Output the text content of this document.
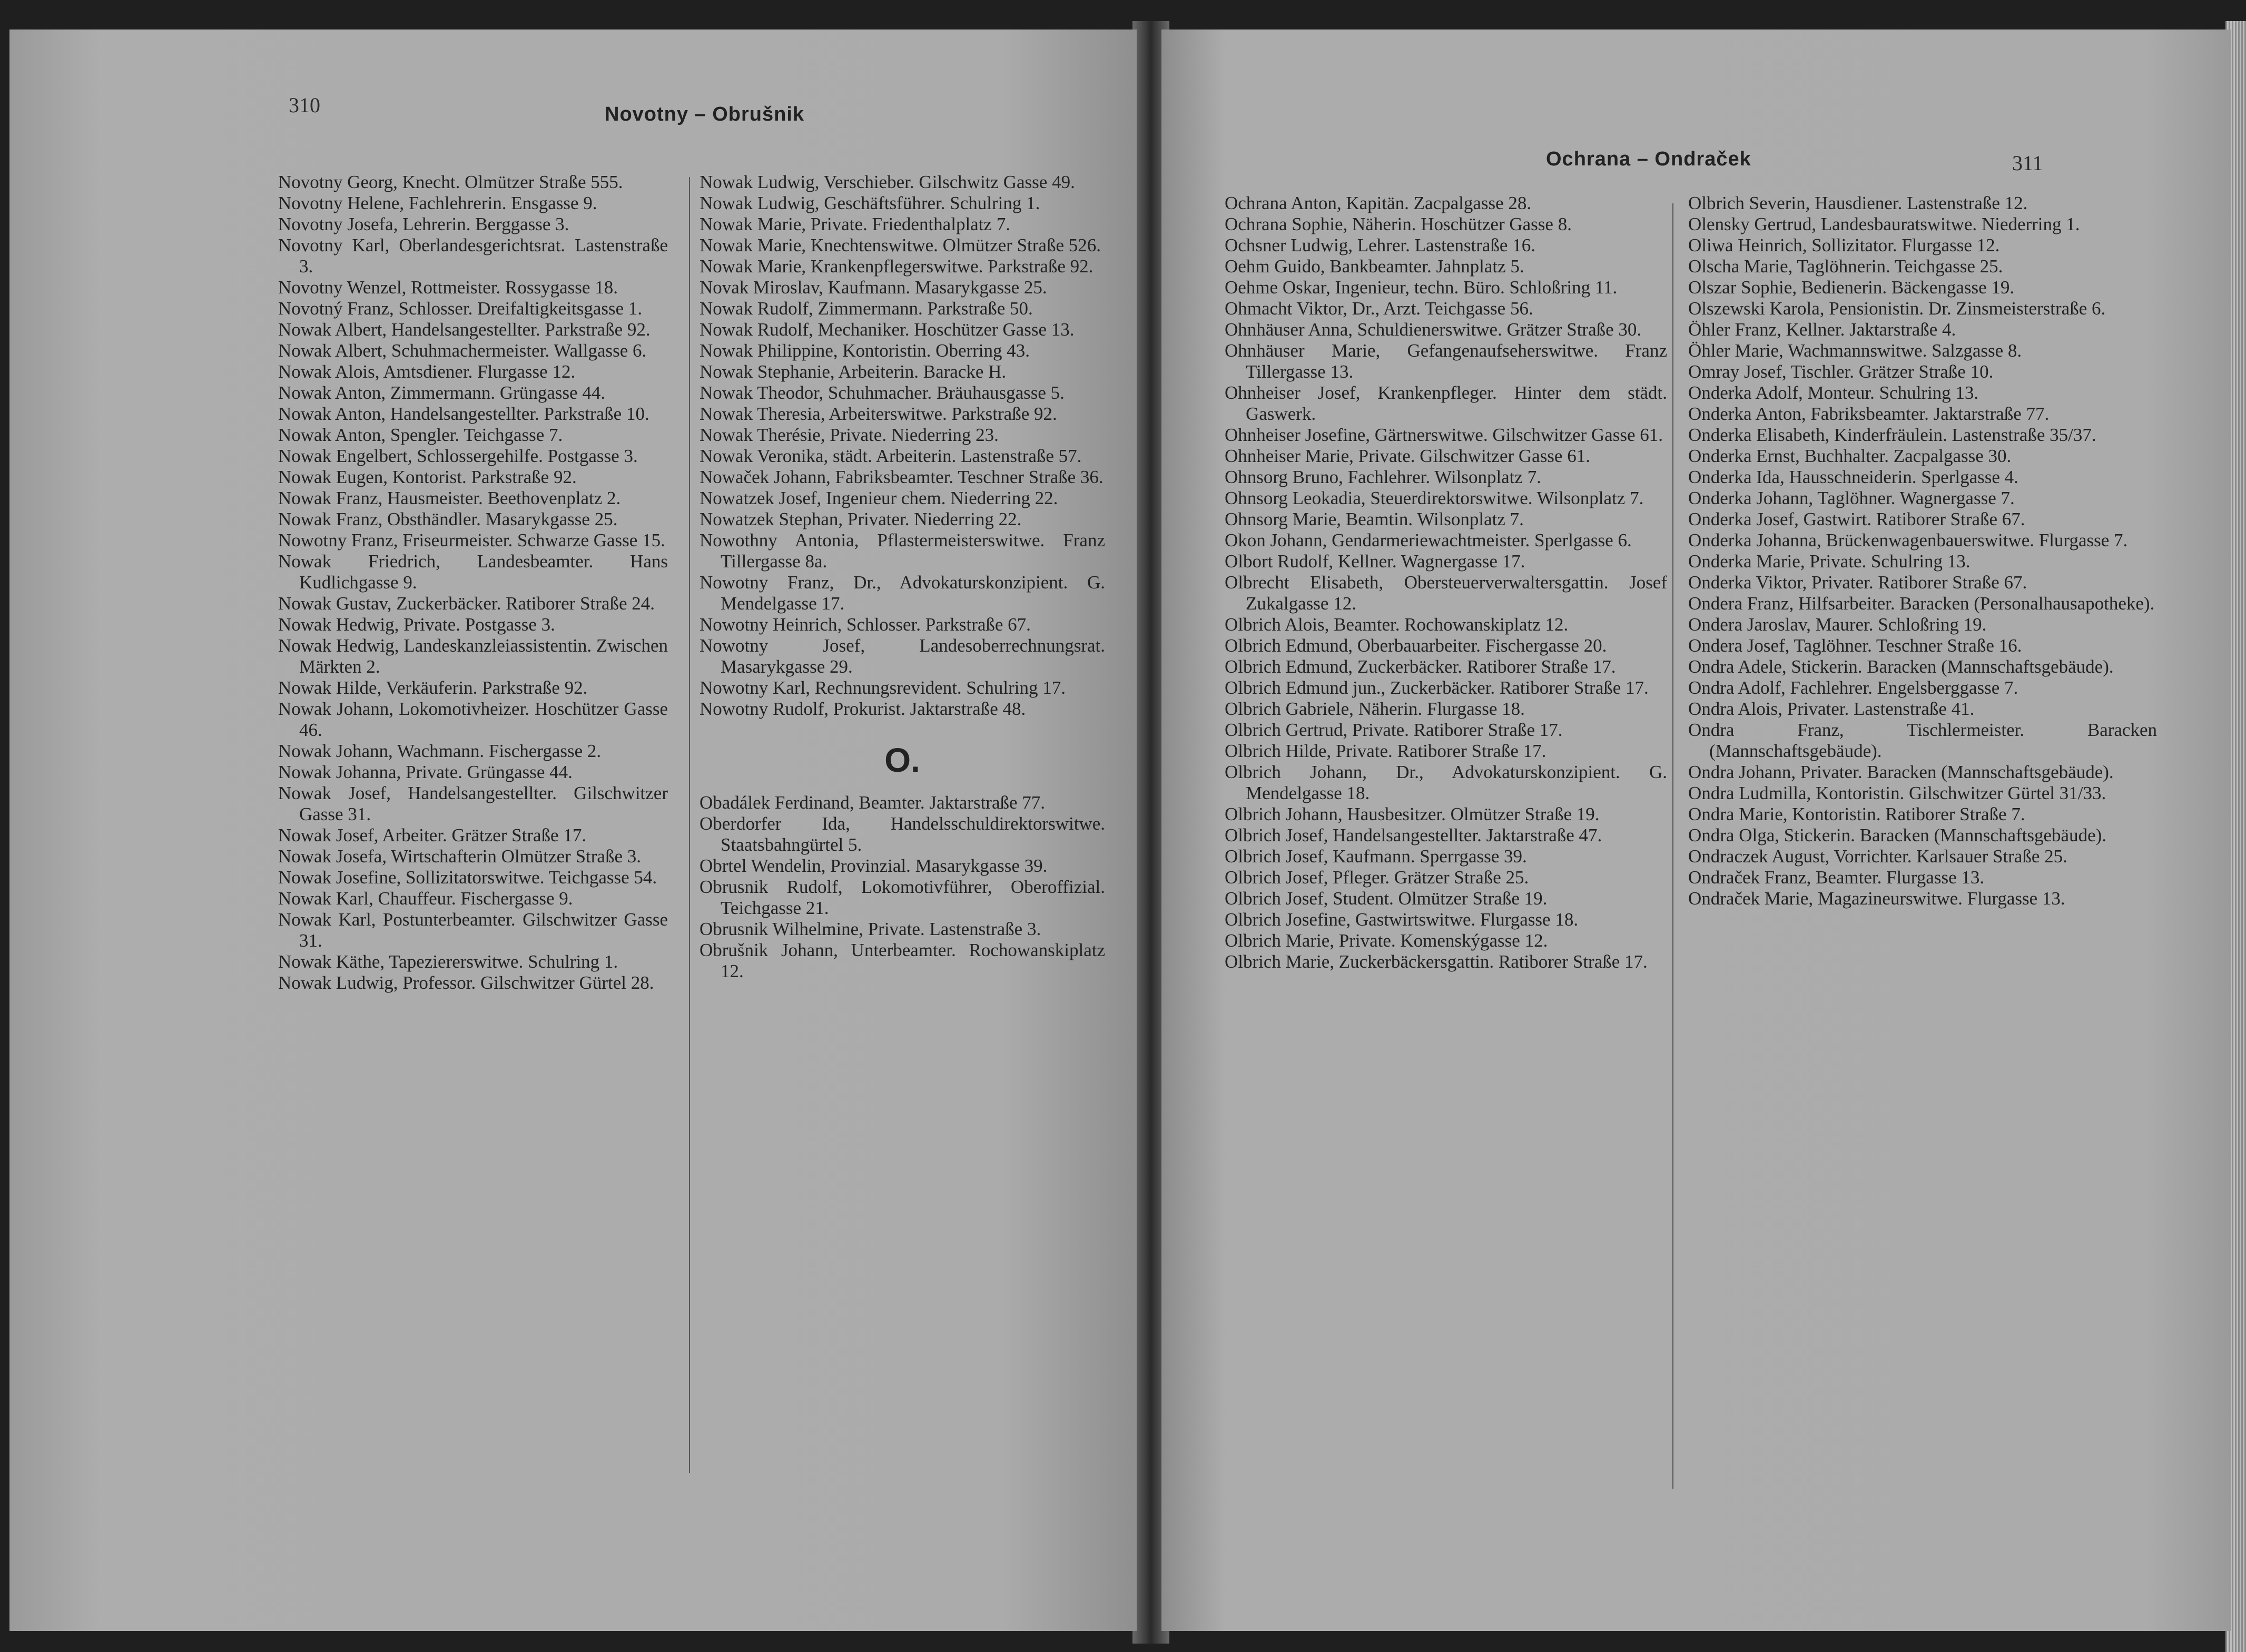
310	Novotny – Obrušnik

Novotny Georg, Knecht. Olmützer Straße 555.

Novotny Helene, Fachlehrerin. Ensgasse 9.

Novotny Josefa, Lehrerin. Berggasse 3.

Novotny Karl, Oberlandesgerichtsrat. Lastenstraße 3.

Novotny Wenzel, Rottmeister. Rossygasse 18.

Novotný Franz, Schlosser. Dreifaltigkeitsgasse 1.

Nowak Albert, Handelsangestellter. Parkstraße 92.

Nowak Albert, Schuhmachermeister. Wallgasse 6.

Nowak Alois, Amtsdiener. Flurgasse 12.

Nowak Anton, Zimmermann. Grüngasse 44.

Nowak Anton, Handelsangestellter. Parkstraße 10.

Nowak Anton, Spengler. Teichgasse 7.

Nowak Engelbert, Schlossergehilfe. Postgasse 3.

Nowak Eugen, Kontorist. Parkstraße 92.

Nowak Franz, Hausmeister. Beethovenplatz 2.

Nowak Franz, Obsthändler. Masarykgasse 25.

Nowotny Franz, Friseurmeister. Schwarze Gasse 15.

Nowak Friedrich, Landesbeamter. Hans Kudlichgasse 9.

Nowak Gustav, Zuckerbäcker. Ratiborer Straße 24.

Nowak Hedwig, Private. Postgasse 3.

Nowak Hedwig, Landeskanzleiassistentin. Zwischen Märkten 2.

Nowak Hilde, Verkäuferin. Parkstraße 92.

Nowak Johann, Lokomotivheizer. Hoschützer Gasse 46.

Nowak Johann, Wachmann. Fischergasse 2.

Nowak Johanna, Private. Grüngasse 44.

Nowak Josef, Handelsangestellter. Gilschwitzer Gasse 31.

Nowak Josef, Arbeiter. Grätzer Straße 17.

Nowak Josefa, Wirtschafterin Olmützer Straße 3.

Nowak Josefine, Sollizitatorswitwe. Teichgasse 54.

Nowak Karl, Chauffeur. Fischergasse 9.

Nowak Karl, Postunterbeamter. Gilschwitzer Gasse 31.

Nowak Käthe, Tapeziererswitwe. Schulring 1.

Nowak Ludwig, Professor. Gilschwitzer Gürtel 28.

Nowak Ludwig, Verschieber. Gilschwitz Gasse 49.

Nowak Ludwig, Geschäftsführer. Schulring 1.

Nowak Marie, Private. Friedenthalplatz 7.

Nowak Marie, Knechtenswitwe. Olmützer Straße 526.

Nowak Marie, Krankenpflegerswitwe. Parkstraße 92.

Novak Miroslav, Kaufmann. Masarykgasse 25.

Nowak Rudolf, Zimmermann. Parkstraße 50.

Nowak Rudolf, Mechaniker. Hoschützer Gasse 13.

Nowak Philippine, Kontoristin. Oberring 43.

Nowak Stephanie, Arbeiterin. Baracke H.

Nowak Theodor, Schuhmacher. Bräuhausgasse 5.

Nowak Theresia, Arbeiterswitwe. Parkstraße 92.

Nowak Therésie, Private. Niederring 23.

Nowak Veronika, städt. Arbeiterin. Lastenstraße 57.

Nowaček Johann, Fabriksbeamter. Teschner Straße 36.

Nowatzek Josef, Ingenieur chem. Niederring 22.

Nowatzek Stephan, Privater. Niederring 22.

Nowothny Antonia, Pflastermeisterswitwe. Franz Tillergasse 8a.

Nowotny Franz, Dr., Advokaturskonzipient. G. Mendelgasse 17.

Nowotny Heinrich, Schlosser. Parkstraße 67.

Nowotny Josef, Landesoberrechnungsrat. Masarykgasse 29.

Nowotny Karl, Rechnungsrevident. Schulring 17.

Nowotny Rudolf, Prokurist. Jaktarstraße 48.

O.

Obadálek Ferdinand, Beamter. Jaktarstraße 77.

Oberdorfer Ida, Handelsschuldirektorswitwe. Staatsbahngürtel 5.

Obrtel Wendelin, Provinzial. Masarykgasse 39.

Obrusnik Rudolf, Lokomotivführer, Oberoffizial. Teichgasse 21.

Obrusnik Wilhelmine, Private. Lastenstraße 3.

Obrušnik Johann, Unterbeamter. Rochowanskiplatz 12.

Ochrana – Ondraček	311

Ochrana Anton, Kapitän. Zacpalgasse 28.

Ochrana Sophie, Näherin. Hoschützer Gasse 8.

Ochsner Ludwig, Lehrer. Lastenstraße 16.

Oehm Guido, Bankbeamter. Jahnplatz 5.

Oehme Oskar, Ingenieur, techn. Büro. Schloßring 11.

Ohmacht Viktor, Dr., Arzt. Teichgasse 56.

Ohnhäuser Anna, Schuldienerswitwe. Grätzer Straße 30.

Ohnhäuser Marie, Gefangenaufseherswitwe. Franz Tillergasse 13.

Ohnheiser Josef, Krankenpfleger. Hinter dem städt. Gaswerk.

Ohnheiser Josefine, Gärtnerswitwe. Gilschwitzer Gasse 61.

Ohnheiser Marie, Private. Gilschwitzer Gasse 61.

Ohnsorg Bruno, Fachlehrer. Wilsonplatz 7.

Ohnsorg Leokadia, Steuerdirektorswitwe. Wilsonplatz 7.

Ohnsorg Marie, Beamtin. Wilsonplatz 7.

Okon Johann, Gendarmeriewachtmeister. Sperlgasse 6.

Olbort Rudolf, Kellner. Wagnergasse 17.

Olbrecht Elisabeth, Obersteuerverwaltersgattin. Josef Zukalgasse 12.

Olbrich Alois, Beamter. Rochowanskiplatz 12.

Olbrich Edmund, Oberbauarbeiter. Fischergasse 20.

Olbrich Edmund, Zuckerbäcker. Ratiborer Straße 17.

Olbrich Edmund jun., Zuckerbäcker. Ratiborer Straße 17.

Olbrich Gabriele, Näherin. Flurgasse 18.

Olbrich Gertrud, Private. Ratiborer Straße 17.

Olbrich Hilde, Private. Ratiborer Straße 17.

Olbrich Johann, Dr., Advokaturskonzipient. G. Mendelgasse 18.

Olbrich Johann, Hausbesitzer. Olmützer Straße 19.

Olbrich Josef, Handelsangestellter. Jaktarstraße 47.

Olbrich Josef, Kaufmann. Sperrgasse 39.

Olbrich Josef, Pfleger. Grätzer Straße 25.

Olbrich Josef, Student. Olmützer Straße 19.

Olbrich Josefine, Gastwirtswitwe. Flurgasse 18.

Olbrich Marie, Private. Komenskýgasse 12.

Olbrich Marie, Zuckerbäckersgattin. Ratiborer Straße 17.

Olbrich Severin, Hausdiener. Lastenstraße 12.

Olensky Gertrud, Landesbauratswitwe. Niederring 1.

Oliwa Heinrich, Sollizitator. Flurgasse 12.

Olscha Marie, Taglöhnerin. Teichgasse 25.

Olszar Sophie, Bedienerin. Bäckengasse 19.

Olszewski Karola, Pensionistin. Dr. Zinsmeisterstraße 6.

Öhler Franz, Kellner. Jaktarstraße 4.

Öhler Marie, Wachmannswitwe. Salzgasse 8.

Omray Josef, Tischler. Grätzer Straße 10.

Onderka Adolf, Monteur. Schulring 13.

Onderka Anton, Fabriksbeamter. Jaktarstraße 77.

Onderka Elisabeth, Kinderfräulein. Lastenstraße 35/37.

Onderka Ernst, Buchhalter. Zacpalgasse 30.

Onderka Ida, Hausschneiderin. Sperlgasse 4.

Onderka Johann, Taglöhner. Wagnergasse 7.

Onderka Josef, Gastwirt. Ratiborer Straße 67.

Onderka Johanna, Brückenwagenbauerswitwe. Flurgasse 7.

Onderka Marie, Private. Schulring 13.

Onderka Viktor, Privater. Ratiborer Straße 67.

Ondera Franz, Hilfsarbeiter. Baracken (Personalhausapotheke).

Ondera Jaroslav, Maurer. Schloßring 19.

Ondera Josef, Taglöhner. Teschner Straße 16.

Ondra Adele, Stickerin. Baracken (Mannschaftsgebäude).

Ondra Adolf, Fachlehrer. Engelsberggasse 7.

Ondra Alois, Privater. Lastenstraße 41.

Ondra Franz, Tischlermeister. Baracken (Mannschaftsgebäude).

Ondra Johann, Privater. Baracken (Mannschaftsgebäude).

Ondra Ludmilla, Kontoristin. Gilschwitzer Gürtel 31/33.

Ondra Marie, Kontoristin. Ratiborer Straße 7.

Ondra Olga, Stickerin. Baracken (Mannschaftsgebäude).

Ondraczek August, Vorrichter. Karlsauer Straße 25.

Ondraček Franz, Beamter. Flurgasse 13.

Ondraček Marie, Magazineurswitwe. Flurgasse 13.
